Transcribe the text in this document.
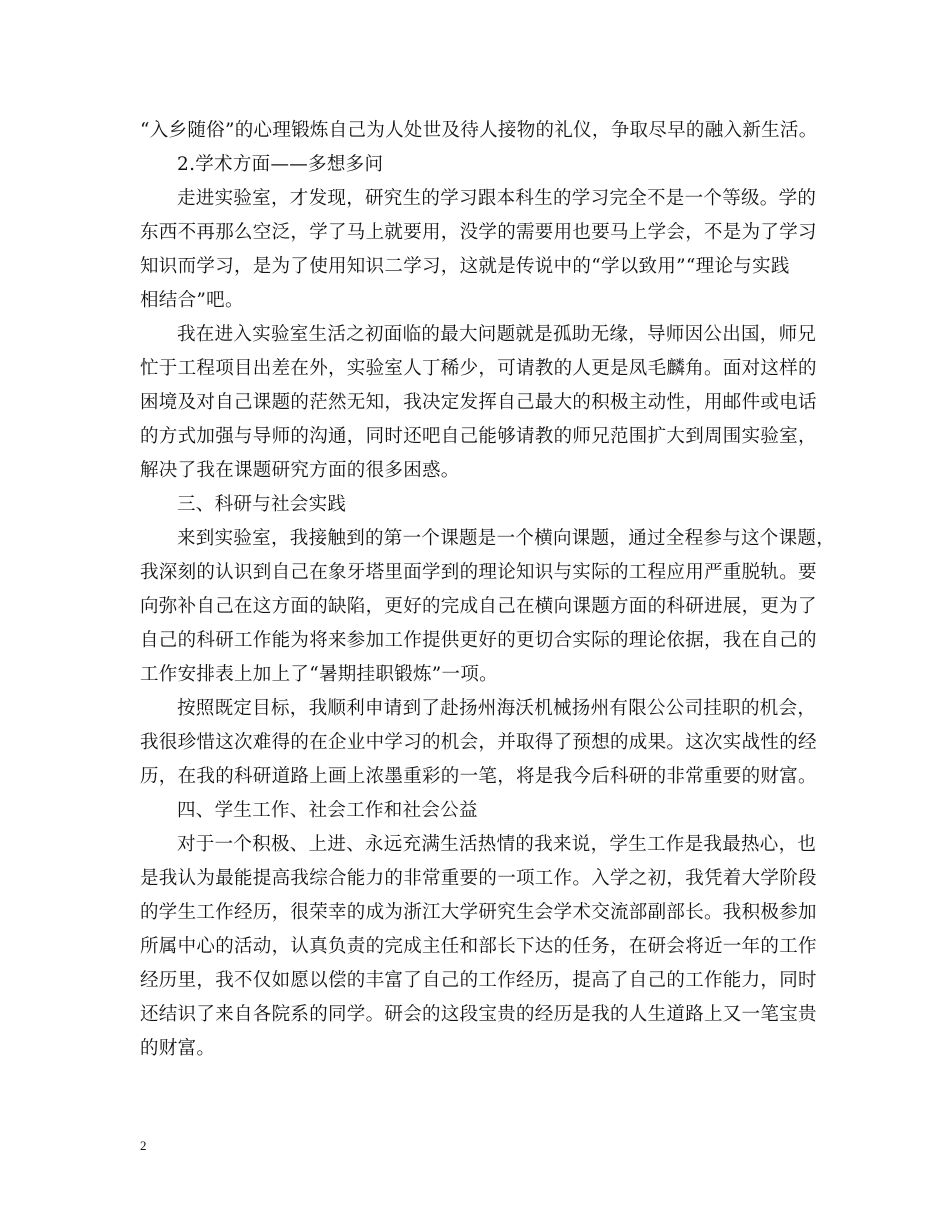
“入乡随俗”的心理锻炼自己为人处世及待人接物的礼仪，争取尽早的融入新生活。
2.学术方面——多想多问
走进实验室，才发现，研究生的学习跟本科生的学习完全不是一个等级。学的
东西不再那么空泛，学了马上就要用，没学的需要用也要马上学会，不是为了学习
知识而学习，是为了使用知识二学习，这就是传说中的“学以致用”“理论与实践
相结合”吧。
我在进入实验室生活之初面临的最大问题就是孤助无缘，导师因公出国，师兄
忙于工程项目出差在外，实验室人丁稀少，可请教的人更是凤毛麟角。面对这样的
困境及对自己课题的茫然无知，我决定发挥自己最大的积极主动性，用邮件或电话
的方式加强与导师的沟通，同时还吧自己能够请教的师兄范围扩大到周围实验室，
解决了我在课题研究方面的很多困惑。
三、科研与社会实践
来到实验室，我接触到的第一个课题是一个横向课题，通过全程参与这个课题，
我深刻的认识到自己在象牙塔里面学到的理论知识与实际的工程应用严重脱轨。要
向弥补自己在这方面的缺陷，更好的完成自己在横向课题方面的科研进展，更为了
自己的科研工作能为将来参加工作提供更好的更切合实际的理论依据，我在自己的
工作安排表上加上了“暑期挂职锻炼”一项。
按照既定目标，我顺利申请到了赴扬州海沃机械扬州有限公公司挂职的机会，
我很珍惜这次难得的在企业中学习的机会，并取得了预想的成果。这次实战性的经
历，在我的科研道路上画上浓墨重彩的一笔，将是我今后科研的非常重要的财富。
四、学生工作、社会工作和社会公益
对于一个积极、上进、永远充满生活热情的我来说，学生工作是我最热心，也
是我认为最能提高我综合能力的非常重要的一项工作。入学之初，我凭着大学阶段
的学生工作经历，很荣幸的成为浙江大学研究生会学术交流部副部长。我积极参加
所属中心的活动，认真负责的完成主任和部长下达的任务，在研会将近一年的工作
经历里，我不仅如愿以偿的丰富了自己的工作经历，提高了自己的工作能力，同时
还结识了来自各院系的同学。研会的这段宝贵的经历是我的人生道路上又一笔宝贵
的财富。
2
